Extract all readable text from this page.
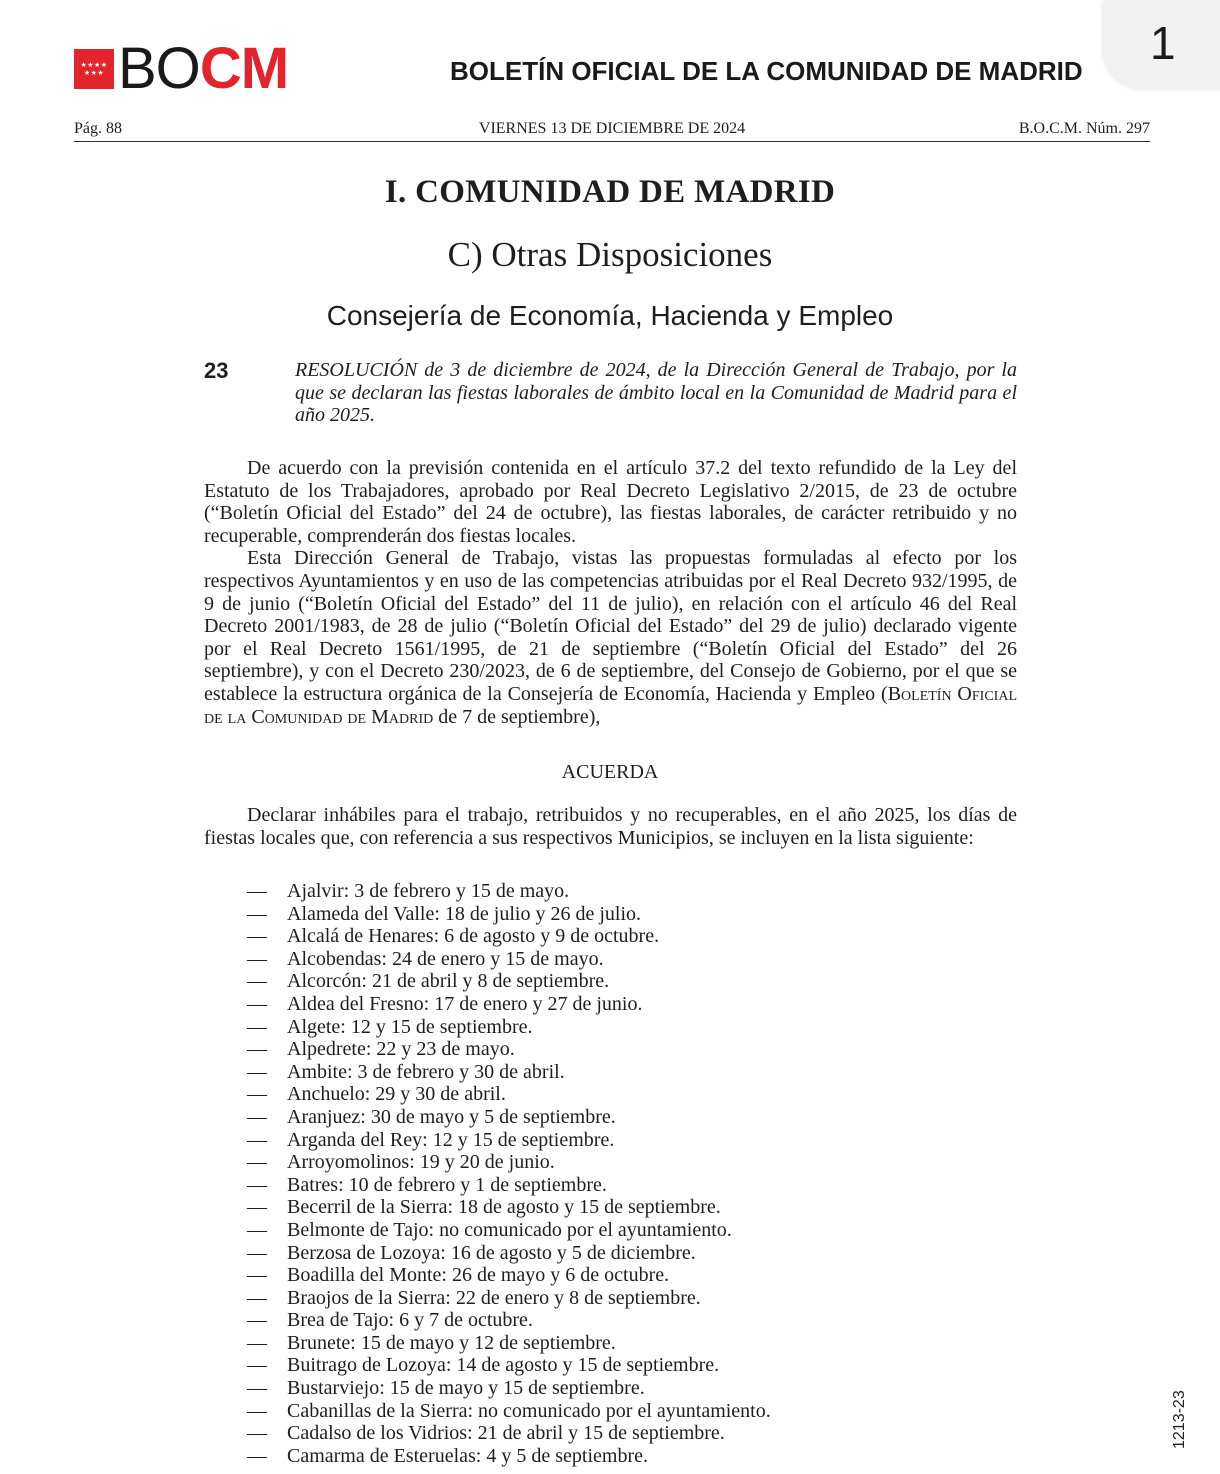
★★★★
★★★ BOCM	BOLETÍN OFICIAL DE LA COMUNIDAD DE MADRID
1
Pág. 88	VIERNES 13 DE DICIEMBRE DE 2024	B.O.C.M. Núm. 297
I. COMUNIDAD DE MADRID
C) Otras Disposiciones
Consejería de Economía, Hacienda y Empleo
23	RESOLUCIÓN de 3 de diciembre de 2024, de la Dirección General de Trabajo, por la que se declaran las fiestas laborales de ámbito local en la Comunidad de Madrid para el año 2025.

De acuerdo con la previsión contenida en el artículo 37.2 del texto refundido de la Ley del Estatuto de los Trabajadores, aprobado por Real Decreto Legislativo 2/2015, de 23 de octubre (“Boletín Oficial del Estado” del 24 de octubre), las fiestas laborales, de carácter retribuido y no recuperable, comprenderán dos fiestas locales.

Esta Dirección General de Trabajo, vistas las propuestas formuladas al efecto por los respectivos Ayuntamientos y en uso de las competencias atribuidas por el Real Decreto 932/1995, de 9 de junio (“Boletín Oficial del Estado” del 11 de julio), en relación con el artículo 46 del Real Decreto 2001/1983, de 28 de julio (“Boletín Oficial del Estado” del 29 de julio) declarado vigente por el Real Decreto 1561/1995, de 21 de septiembre (“Boletín Oficial del Estado” del 26 septiembre), y con el Decreto 230/2023, de 6 de septiembre, del Consejo de Gobierno, por el que se establece la estructura orgánica de la Consejería de Economía, Hacienda y Empleo (Boletín Oficial de la Comunidad de Madrid de 7 de septiembre),

ACUERDA

Declarar inhábiles para el trabajo, retribuidos y no recuperables, en el año 2025, los días de fiestas locales que, con referencia a sus respectivos Municipios, se incluyen en la lista siguiente:

— Ajalvir: 3 de febrero y 15 de mayo.
— Alameda del Valle: 18 de julio y 26 de julio.
— Alcalá de Henares: 6 de agosto y 9 de octubre.
— Alcobendas: 24 de enero y 15 de mayo.
— Alcorcón: 21 de abril y 8 de septiembre.
— Aldea del Fresno: 17 de enero y 27 de junio.
— Algete: 12 y 15 de septiembre.
— Alpedrete: 22 y 23 de mayo.
— Ambite: 3 de febrero y 30 de abril.
— Anchuelo: 29 y 30 de abril.
— Aranjuez: 30 de mayo y 5 de septiembre.
— Arganda del Rey: 12 y 15 de septiembre.
— Arroyomolinos: 19 y 20 de junio.
— Batres: 10 de febrero y 1 de septiembre.
— Becerril de la Sierra: 18 de agosto y 15 de septiembre.
— Belmonte de Tajo: no comunicado por el ayuntamiento.
— Berzosa de Lozoya: 16 de agosto y 5 de diciembre.
— Boadilla del Monte: 26 de mayo y 6 de octubre.
— Braojos de la Sierra: 22 de enero y 8 de septiembre.
— Brea de Tajo: 6 y 7 de octubre.
— Brunete: 15 de mayo y 12 de septiembre.
— Buitrago de Lozoya: 14 de agosto y 15 de septiembre.
— Bustarviejo: 15 de mayo y 15 de septiembre.
— Cabanillas de la Sierra: no comunicado por el ayuntamiento.
— Cadalso de los Vidrios: 21 de abril y 15 de septiembre.
— Camarma de Esteruelas: 4 y 5 de septiembre.
1213-23
